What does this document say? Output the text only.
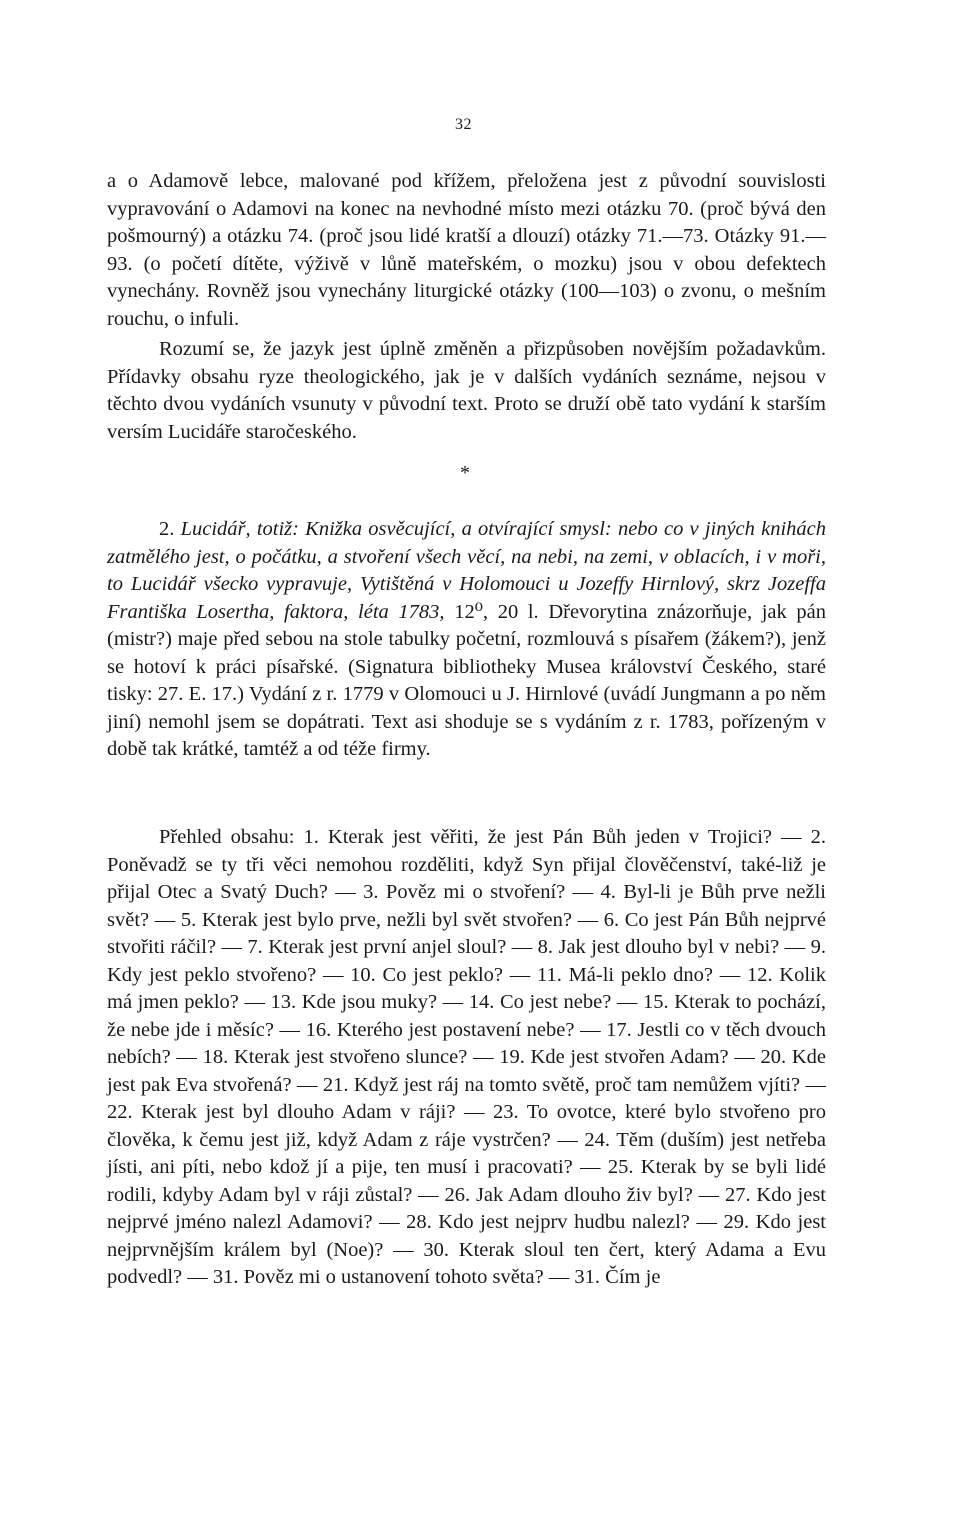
32

a o Adamově lebce, malované pod křížem, přeložena jest z původní souvislosti vypravování o Adamovi na konec na nevhodné místo mezi otázku 70. (proč bývá den pošmourný) a otázku 74. (proč jsou lidé kratší a dlouzí) otázky 71.—73. Otázky 91.—93. (o početí dítěte, výživě v lůně mateřském, o mozku) jsou v obou defektech vynechány. Rovněž jsou vynechány liturgické otázky (100—103) o zvonu, o mešním rouchu, o infuli.

Rozumí se, že jazyk jest úplně změněn a přizpůsoben novějším požadavkům. Přídavky obsahu ryze theologického, jak je v dalších vydáních seznáme, nejsou v těchto dvou vydáních vsunuty v původní text. Proto se druží obě tato vydání k starším versím Lucidáře staročeského.

*

2. Lucidář, totiž: Knižka osvěcující, a otvírající smysl: nebo co v jiných knihách zatmělého jest, o počátku, a stvoření všech věcí, na nebi, na zemi, v oblacích, i v moři, to Lucidář všecko vypravuje, Vytištěná v Holomouci u Jozeffy Hirnlový, skrz Jozeffa Františka Losertha, faktora, léta 1783, 12⁰, 20 l. Dřevorytina znázorňuje, jak pán (mistr?) maje před sebou na stole tabulky početní, rozmlouvá s písařem (žákem?), jenž se hotoví k práci písařské. (Signatura bibliotheky Musea království Českého, staré tisky: 27. E. 17.) Vydání z r. 1779 v Olomouci u J. Hirnlové (uvádí Jungmann a po něm jiní) nemohl jsem se dopátrati. Text asi shoduje se s vydáním z r. 1783, pořízeným v době tak krátké, tamtéž a od téže firmy.

Přehled obsahu: 1. Kterak jest věřiti, že jest Pán Bůh jeden v Trojici? — 2. Poněvadž se ty tři věci nemohou rozděliti, když Syn přijal člověčenství, také-liž je přijal Otec a Svatý Duch? — 3. Pověz mi o stvoření? — 4. Byl-li je Bůh prve nežli svět? — 5. Kterak jest bylo prve, nežli byl svět stvořen? — 6. Co jest Pán Bůh nejprvé stvořiti ráčil? — 7. Kterak jest první anjel sloul? — 8. Jak jest dlouho byl v nebi? — 9. Kdy jest peklo stvořeno? — 10. Co jest peklo? — 11. Má-li peklo dno? — 12. Kolik má jmen peklo? — 13. Kde jsou muky? — 14. Co jest nebe? — 15. Kterak to pochází, že nebe jde i měsíc? — 16. Kterého jest postavení nebe? — 17. Jestli co v těch dvouch nebích? — 18. Kterak jest stvořeno slunce? — 19. Kde jest stvořen Adam? — 20. Kde jest pak Eva stvořená? — 21. Když jest ráj na tomto světě, proč tam nemůžem vjíti? — 22. Kterak jest byl dlouho Adam v ráji? — 23. To ovotce, které bylo stvořeno pro člověka, k čemu jest již, když Adam z ráje vystrčen? — 24. Těm (duším) jest netřeba jísti, ani píti, nebo kdož jí a pije, ten musí i pracovati? — 25. Kterak by se byli lidé rodili, kdyby Adam byl v ráji zůstal? — 26. Jak Adam dlouho živ byl? — 27. Kdo jest nejprvé jméno nalezl Adamovi? — 28. Kdo jest nejprv hudbu nalezl? — 29. Kdo jest nejprvnějším králem byl (Noe)? — 30. Kterak sloul ten čert, který Adama a Evu podvedl? — 31. Pověz mi o ustanovení tohoto světa? — 31. Čím je
